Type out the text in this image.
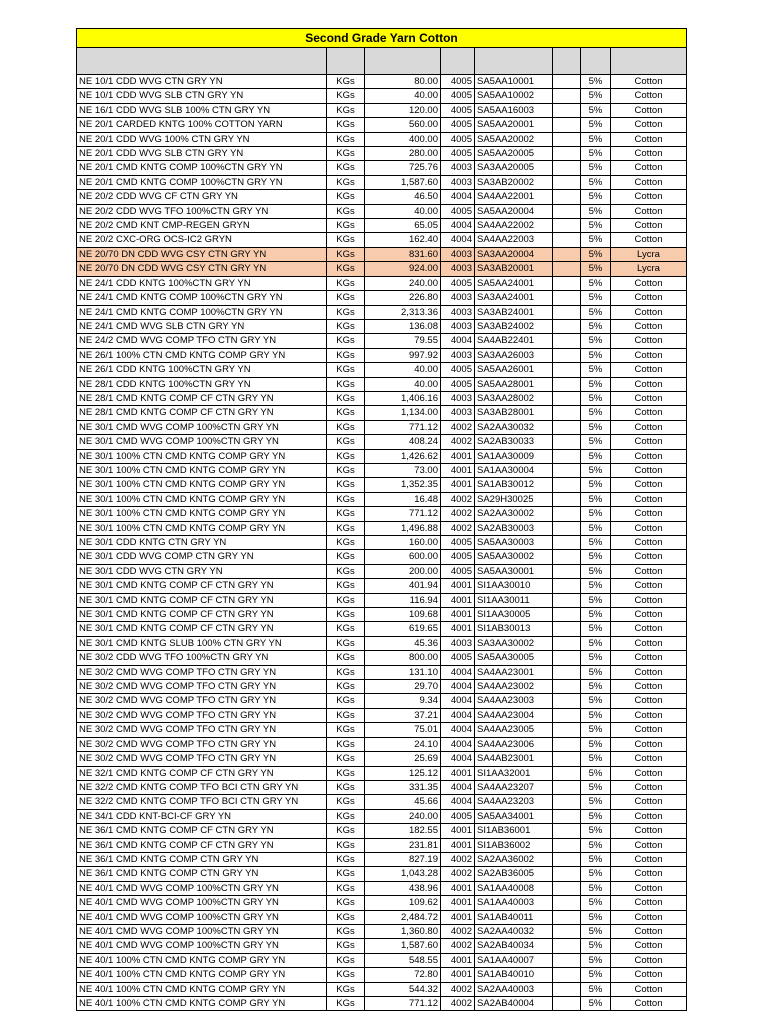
Second Grade Yarn Cotton							

NE 10/1 CDD WVG CTN GRY YN	KGs	80.00	4005	SA5AA10001		5%	Cotton
NE 10/1 CDD WVG SLB CTN GRY YN	KGs	40.00	4005	SA5AA10002		5%	Cotton
NE 16/1 CDD WVG SLB 100% CTN GRY YN	KGs	120.00	4005	SA5AA16003		5%	Cotton
NE 20/1 CARDED KNTG 100% COTTON YARN	KGs	560.00	4005	SA5AA20001		5%	Cotton
NE 20/1 CDD WVG 100% CTN GRY YN	KGs	400.00	4005	SA5AA20002		5%	Cotton
NE 20/1 CDD WVG SLB CTN GRY YN	KGs	280.00	4005	SA5AA20005		5%	Cotton
NE 20/1 CMD KNTG COMP 100%CTN GRY YN	KGs	725.76	4003	SA3AA20005		5%	Cotton
NE 20/1 CMD KNTG COMP 100%CTN GRY YN	KGs	1,587.60	4003	SA3AB20002		5%	Cotton
NE 20/2 CDD WVG CF CTN GRY YN	KGs	46.50	4004	SA4AA22001		5%	Cotton
NE 20/2 CDD WVG TFO 100%CTN GRY YN	KGs	40.00	4005	SA5AA20004		5%	Cotton
NE 20/2 CMD KNT CMP-REGEN GRYN	KGs	65.05	4004	SA4AA22002		5%	Cotton
NE 20/2 CXC-ORG OCS-IC2 GRYN	KGs	162.40	4004	SA4AA22003		5%	Cotton
NE 20/70 DN CDD WVG CSY CTN GRY YN	KGs	831.60	4003	SA3AA20004		5%	Lycra
NE 20/70 DN CDD WVG CSY CTN GRY YN	KGs	924.00	4003	SA3AB20001		5%	Lycra
NE 24/1 CDD KNTG 100%CTN GRY YN	KGs	240.00	4005	SA5AA24001		5%	Cotton
NE 24/1 CMD KNTG COMP 100%CTN GRY YN	KGs	226.80	4003	SA3AA24001		5%	Cotton
NE 24/1 CMD KNTG COMP 100%CTN GRY YN	KGs	2,313.36	4003	SA3AB24001		5%	Cotton
NE 24/1 CMD WVG SLB CTN GRY YN	KGs	136.08	4003	SA3AB24002		5%	Cotton
NE 24/2 CMD WVG COMP TFO CTN GRY YN	KGs	79.55	4004	SA4AB22401		5%	Cotton
NE 26/1 100% CTN CMD KNTG COMP GRY YN	KGs	997.92	4003	SA3AA26003		5%	Cotton
NE 26/1 CDD KNTG 100%CTN GRY YN	KGs	40.00	4005	SA5AA26001		5%	Cotton
NE 28/1 CDD KNTG 100%CTN GRY YN	KGs	40.00	4005	SA5AA28001		5%	Cotton
NE 28/1 CMD KNTG COMP CF CTN GRY YN	KGs	1,406.16	4003	SA3AA28002		5%	Cotton
NE 28/1 CMD KNTG COMP CF CTN GRY YN	KGs	1,134.00	4003	SA3AB28001		5%	Cotton
NE 30/1 CMD WVG COMP 100%CTN GRY YN	KGs	771.12	4002	SA2AA30032		5%	Cotton
NE 30/1 CMD WVG COMP 100%CTN GRY YN	KGs	408.24	4002	SA2AB30033		5%	Cotton
NE 30/1 100% CTN CMD KNTG COMP GRY YN	KGs	1,426.62	4001	SA1AA30009		5%	Cotton
NE 30/1 100% CTN CMD KNTG COMP GRY YN	KGs	73.00	4001	SA1AA30004		5%	Cotton
NE 30/1 100% CTN CMD KNTG COMP GRY YN	KGs	1,352.35	4001	SA1AB30012		5%	Cotton
NE 30/1 100% CTN CMD KNTG COMP GRY YN	KGs	16.48	4002	SA29H30025		5%	Cotton
NE 30/1 100% CTN CMD KNTG COMP GRY YN	KGs	771.12	4002	SA2AA30002		5%	Cotton
NE 30/1 100% CTN CMD KNTG COMP GRY YN	KGs	1,496.88	4002	SA2AB30003		5%	Cotton
NE 30/1 CDD KNTG CTN GRY YN	KGs	160.00	4005	SA5AA30003		5%	Cotton
NE 30/1 CDD WVG COMP CTN GRY YN	KGs	600.00	4005	SA5AA30002		5%	Cotton
NE 30/1 CDD WVG CTN GRY YN	KGs	200.00	4005	SA5AA30001		5%	Cotton
NE 30/1 CMD KNTG COMP CF CTN GRY YN	KGs	401.94	4001	SI1AA30010		5%	Cotton
NE 30/1 CMD KNTG COMP CF CTN GRY YN	KGs	116.94	4001	SI1AA30011		5%	Cotton
NE 30/1 CMD KNTG COMP CF CTN GRY YN	KGs	109.68	4001	SI1AA30005		5%	Cotton
NE 30/1 CMD KNTG COMP CF CTN GRY YN	KGs	619.65	4001	SI1AB30013		5%	Cotton
NE 30/1 CMD KNTG SLUB 100% CTN GRY YN	KGs	45.36	4003	SA3AA30002		5%	Cotton
NE 30/2 CDD WVG TFO 100%CTN GRY YN	KGs	800.00	4005	SA5AA30005		5%	Cotton
NE 30/2 CMD WVG COMP TFO CTN GRY YN	KGs	131.10	4004	SA4AA23001		5%	Cotton
NE 30/2 CMD WVG COMP TFO CTN GRY YN	KGs	29.70	4004	SA4AA23002		5%	Cotton
NE 30/2 CMD WVG COMP TFO CTN GRY YN	KGs	9.34	4004	SA4AA23003		5%	Cotton
NE 30/2 CMD WVG COMP TFO CTN GRY YN	KGs	37.21	4004	SA4AA23004		5%	Cotton
NE 30/2 CMD WVG COMP TFO CTN GRY YN	KGs	75.01	4004	SA4AA23005		5%	Cotton
NE 30/2 CMD WVG COMP TFO CTN GRY YN	KGs	24.10	4004	SA4AA23006		5%	Cotton
NE 30/2 CMD WVG COMP TFO CTN GRY YN	KGs	25.69	4004	SA4AB23001		5%	Cotton
NE 32/1 CMD KNTG COMP CF CTN GRY YN	KGs	125.12	4001	SI1AA32001		5%	Cotton
NE 32/2 CMD KNTG COMP TFO BCI CTN GRY YN	KGs	331.35	4004	SA4AA23207		5%	Cotton
NE 32/2 CMD KNTG COMP TFO BCI CTN GRY YN	KGs	45.66	4004	SA4AA23203		5%	Cotton
NE 34/1 CDD KNT-BCI-CF GRY YN	KGs	240.00	4005	SA5AA34001		5%	Cotton
NE 36/1 CMD KNTG COMP CF CTN GRY YN	KGs	182.55	4001	SI1AB36001		5%	Cotton
NE 36/1 CMD KNTG COMP CF CTN GRY YN	KGs	231.81	4001	SI1AB36002		5%	Cotton
NE 36/1 CMD KNTG COMP CTN GRY YN	KGs	827.19	4002	SA2AA36002		5%	Cotton
NE 36/1 CMD KNTG COMP CTN GRY YN	KGs	1,043.28	4002	SA2AB36005		5%	Cotton
NE 40/1 CMD WVG COMP 100%CTN GRY YN	KGs	438.96	4001	SA1AA40008		5%	Cotton
NE 40/1 CMD WVG COMP 100%CTN GRY YN	KGs	109.62	4001	SA1AA40003		5%	Cotton
NE 40/1 CMD WVG COMP 100%CTN GRY YN	KGs	2,484.72	4001	SA1AB40011		5%	Cotton
NE 40/1 CMD WVG COMP 100%CTN GRY YN	KGs	1,360.80	4002	SA2AA40032		5%	Cotton
NE 40/1 CMD WVG COMP 100%CTN GRY YN	KGs	1,587.60	4002	SA2AB40034		5%	Cotton
NE 40/1 100% CTN CMD KNTG COMP GRY YN	KGs	548.55	4001	SA1AA40007		5%	Cotton
NE 40/1 100% CTN CMD KNTG COMP GRY YN	KGs	72.80	4001	SA1AB40010		5%	Cotton
NE 40/1 100% CTN CMD KNTG COMP GRY YN	KGs	544.32	4002	SA2AA40003		5%	Cotton
NE 40/1 100% CTN CMD KNTG COMP GRY YN	KGs	771.12	4002	SA2AB40004		5%	Cotton
